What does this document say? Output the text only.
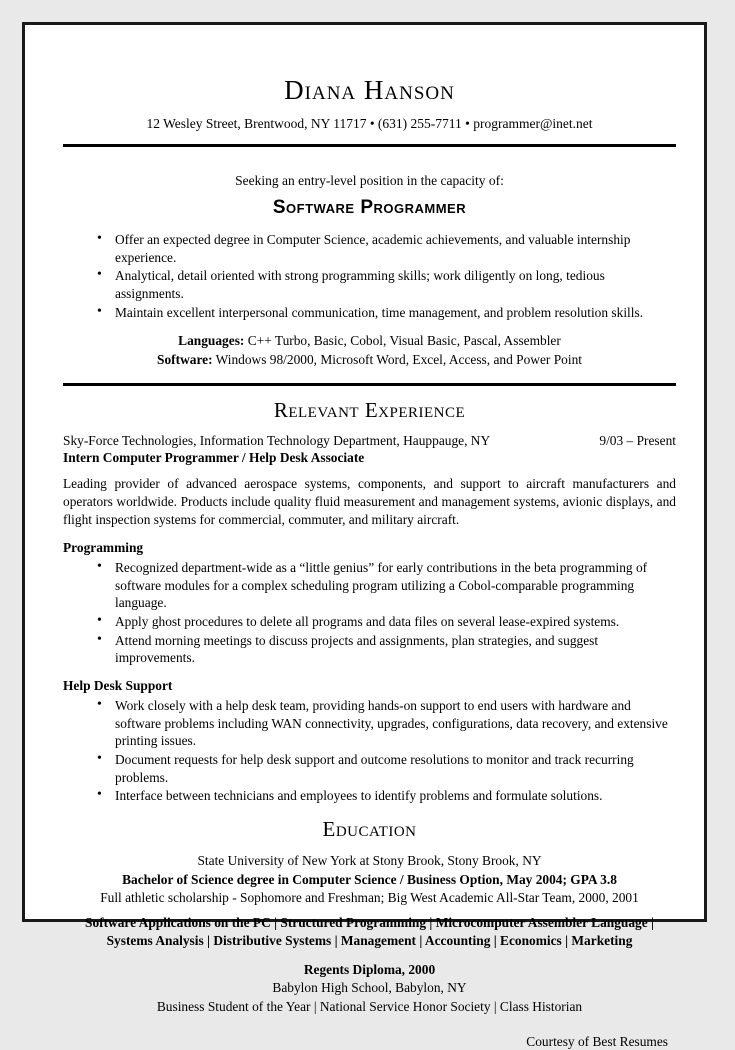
Diana Hanson
12 Wesley Street, Brentwood, NY 11717 • (631) 255-7711 • programmer@inet.net
Seeking an entry-level position in the capacity of:
Software Programmer
• Offer an expected degree in Computer Science, academic achievements, and valuable internship experience.
• Analytical, detail oriented with strong programming skills; work diligently on long, tedious assignments.
• Maintain excellent interpersonal communication, time management, and problem resolution skills.
Languages: C++ Turbo, Basic, Cobol, Visual Basic, Pascal, Assembler
Software: Windows 98/2000, Microsoft Word, Excel, Access, and Power Point
Relevant Experience
Sky-Force Technologies, Information Technology Department, Hauppauge, NY	9/03 – Present
Intern Computer Programmer / Help Desk Associate
Leading provider of advanced aerospace systems, components, and support to aircraft manufacturers and operators worldwide. Products include quality fluid measurement and management systems, avionic displays, and flight inspection systems for commercial, commuter, and military aircraft.
Programming
• Recognized department-wide as a “little genius” for early contributions in the beta programming of software modules for a complex scheduling program utilizing a Cobol-comparable programming language.
• Apply ghost procedures to delete all programs and data files on several lease-expired systems.
• Attend morning meetings to discuss projects and assignments, plan strategies, and suggest improvements.
Help Desk Support
• Work closely with a help desk team, providing hands-on support to end users with hardware and software problems including WAN connectivity, upgrades, configurations, data recovery, and extensive printing issues.
• Document requests for help desk support and outcome resolutions to monitor and track recurring problems.
• Interface between technicians and employees to identify problems and formulate solutions.
Education
State University of New York at Stony Brook, Stony Brook, NY
Bachelor of Science degree in Computer Science / Business Option, May 2004; GPA 3.8
Full athletic scholarship - Sophomore and Freshman; Big West Academic All-Star Team, 2000, 2001
Software Applications on the PC | Structured Programming | Microcomputer Assembler Language |
Systems Analysis | Distributive Systems | Management | Accounting | Economics | Marketing
Regents Diploma, 2000
Babylon High School, Babylon, NY
Business Student of the Year | National Service Honor Society | Class Historian
Courtesy of Best Resumes
